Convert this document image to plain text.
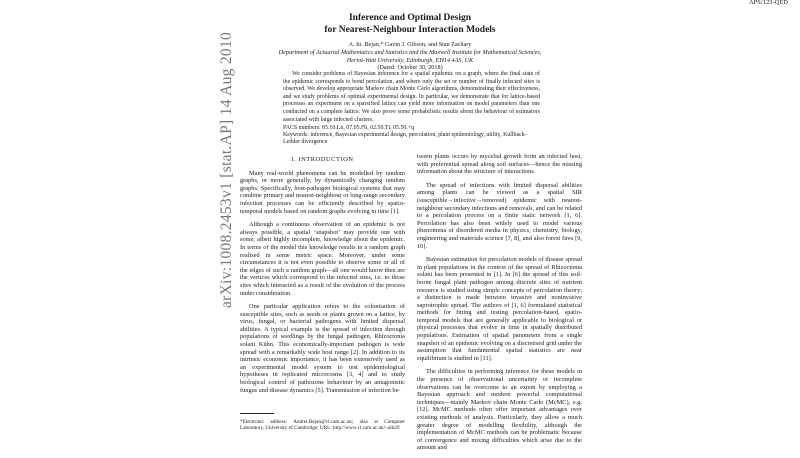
arXiv:1008.2453v1 [stat.AP] 14 Aug 2010
APS/123-QED
Inference and Optimal Design
for Nearest-Neighbour Interaction Models
A. Iu. Bejan,* Gavin J. Gibson, and Stan Zachary
Department of Actuarial Mathematics and Statistics and the Maxwell Institute for Mathematical Sciences,
Heriot-Watt University, Edinburgh, EH14 4AS, UK
(Dated: October 30, 2018)

We consider problems of Bayesian inference for a spatial epidemic on a graph, where the final state of the epidemic corresponds to bond percolation, and where only the set or number of finally infected sites is observed. We develop appropriate Markov chain Monte Carlo algorithms, demonstrating their effectiveness, and we study problems of optimal experimental design. In particular, we demonstrate that for lattice-based processes an experiment on a sparsified lattice can yield more information on model parameters than one conducted on a complete lattice. We also prove some probabilistic results about the behaviour of estimators associated with large infected clusters.

PACS numbers: 05.10.Ln, 07.05.Fb, 02.50.Tt, 05.50.+q
Keywords: inference, Bayesian experimental design, percolation, plant epidemiology, utility, Kullback–Leibler divergence

I. INTRODUCTION

Many real-world phenomena can be modelled by random graphs, or more generally, by dynamically changing random graphs. Specifically, host-pathogen biological systems that may combine primary and nearest-neighbour or long-range secondary infection processes can be efficiently described by spatio-temporal models based on random graphs evolving in time [1].

Although a continuous observation of an epidemic is not always possible, a spatial ‘snapshot’ may provide one with some, albeit highly incomplete, knowledge about the epidemic. In terms of the model this knowledge results in a random graph realised in some metric space. Moreover, under some circumstances it is not even possible to observe some or all of the edges of such a random graph—all one would know then are the vertices which correspond to the infected sites, i.e. to those sites which interacted as a result of the evolution of the process under consideration.

One particular application refers to the colonisation of susceptible sites, such as seeds or plants grown on a lattice, by virus, fungal, or bacterial pathogens with limited dispersal abilities. A typical example is the spread of infection through populations of seedlings by the fungal pathogen, Rhizoctonia solani Kühn. This economically-important pathogen is wide spread with a remarkably wide host range [2]. In addition to its intrinsic economic importance, it has been extensively used as an experimental model system to test epidemiological hypotheses in replicated microcosms [3, 4] and to study biological control of pathozone behaviour by an antagonistic fungus and disease dynamics [5]. Transmission of infection be-

tween plants occurs by mycelial growth from an infected host, with preferential spread along soil surfaces—hence the missing information about the structure of interactions.

The spread of infections with limited dispersal abilities among plants can be viewed as a spatial SIR (susceptible→infective→removed) epidemic with nearest-neighbour secondary infections and removals, and can be related to a percolation process on a finite static network [1, 6]. Percolation has also been widely used to model various phenomena of disordered media in physics, chemistry, biology, engineering and materials science [7, 8], and also forest fires [9, 10].

Bayesian estimation for percolation models of disease spread in plant populations in the context of the spread of Rhizoctonia solani has been presented in [1]. In [6] the spread of this soil-borne fungal plant pathogen among discrete sites of nutrient resource is studied using simple concepts of percolation theory; a distinction is made between invasive and noninvasive saprotrophic spread. The authors of [1, 6] formulated statistical methods for fitting and testing percolation-based, spatio-temporal models that are generally applicable to biological or physical processes that evolve in time in spatially distributed populations. Estimation of spatial parameters from a single snapshot of an epidemic evolving on a discretised grid under the assumption that fundamental spatial statistics are near equilibrium is studied in [11].

The difficulties in performing inference for these models in the presence of observational uncertainty or incomplete observations can be overcome to an extent by employing a Bayesian approach and modern powerful computational techniques—mainly Markov chain Monte Carlo (McMC), e.g. [12]. McMC methods often offer important advantages over existing methods of analysis. Particularly, they allow a much greater degree of modelling flexibility, although the implementation of McMC methods can be problematic because of convergence and mixing difficulties which arise due to the amount and

*Electronic address: Andrei.Bejan@cl.cam.ac.uk; also at Computer Laboratory, University of Cambridge; URL: http://www.cl.cam.ac.uk/~aib29
